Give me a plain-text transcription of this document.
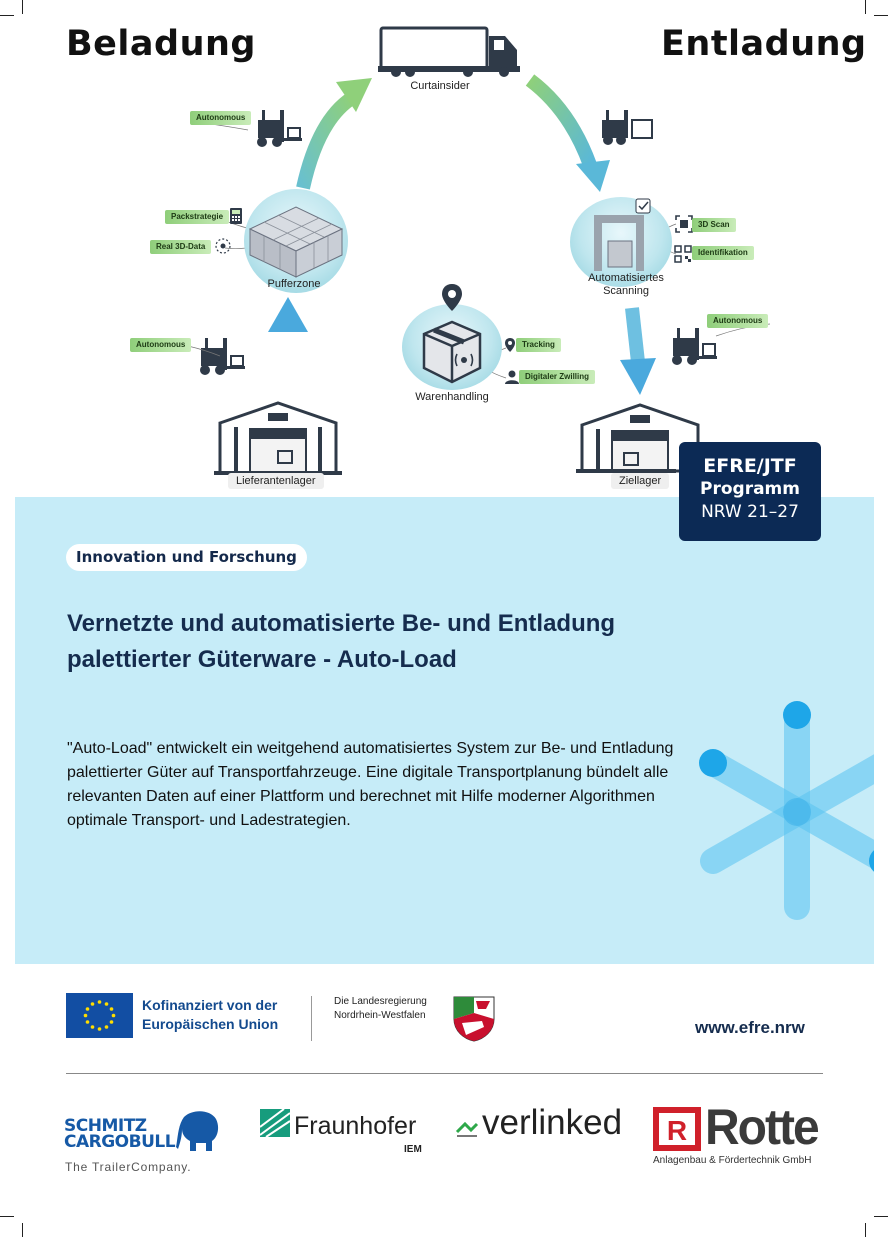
Beladung	Entladung
Curtainsider
Pufferzone	Automatisiertes
Scanning
Warenhandling
Lieferantenlager	Ziellager
Autonomous
Packstrategie
Real 3D-Data
Autonomous
3D Scan
Identifikation
Autonomous
Tracking
Digitaler Zwilling
EFRE/JTF
Programm
NRW 21–27
Innovation und Forschung
Vernetzte und automatisierte Be- und Entladung
palettierter Güterware - Auto-Load
"Auto-Load" entwickelt ein weitgehend automatisiertes System zur Be- und Entladung palettierter Güter auf Transportfahrzeuge. Eine digitale Transportplanung bündelt alle relevanten Daten auf einer Plattform und berechnet mit Hilfe moderner Algorithmen optimale Transport- und Ladestrategien.
Kofinanziert von der
Europäischen Union
Die Landesregierung
Nordrhein-Westfalen
www.efre.nrw
SCHMITZ
CARGOBULL
The TrailerCompany.
Fraunhofer
IEM
verlinked R Rotte
Anlagenbau & Fördertechnik GmbH
